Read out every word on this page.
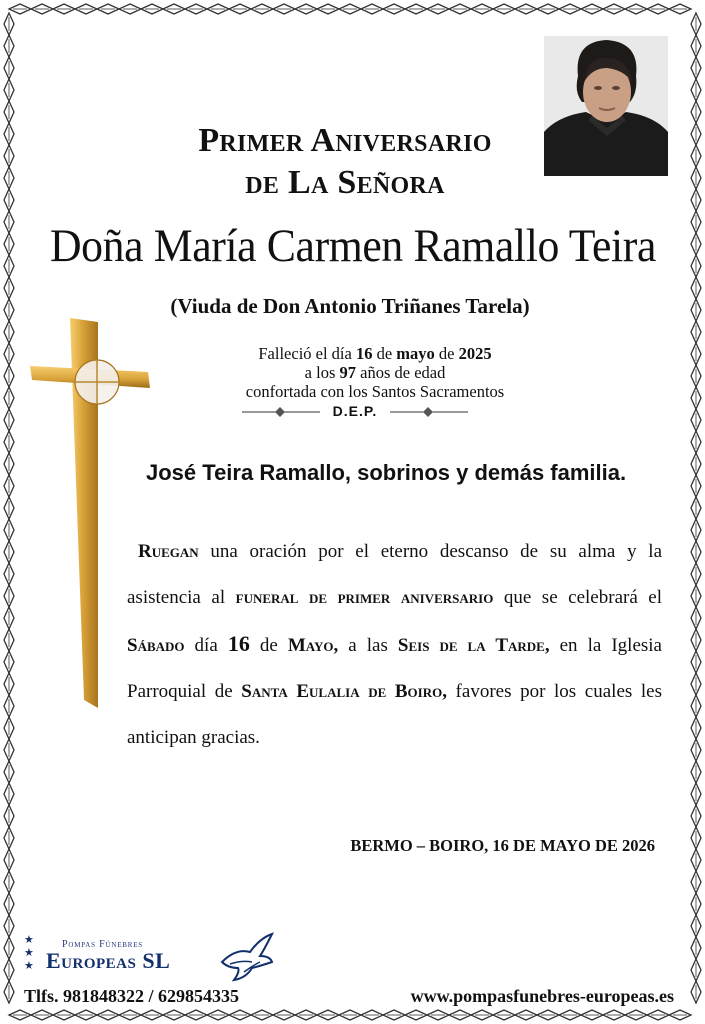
Primer Aniversario
de La Señora
Doña María Carmen Ramallo Teira
(Viuda de Don Antonio Triñanes Tarela)
Falleció el día 16 de mayo de 2025
a los 97 años de edad
confortada con los Santos Sacramentos
D.E.P.
José Teira Ramallo, sobrinos y demás familia.
Ruegan una oración por el eterno descanso de su alma y la asistencia al funeral de primer aniversario que se celebrará el Sábado día 16 de Mayo, a las Seis de la Tarde, en la Iglesia Parroquial de Santa Eulalia de Boiro, favores por los cuales les anticipan gracias.
BERMO – BOIRO, 16 DE MAYO DE 2026
★
★
★
Pompas Fúnebres
Europeas SL
Tlfs. 981848322 / 629854335	www.pompasfunebres-europeas.es
